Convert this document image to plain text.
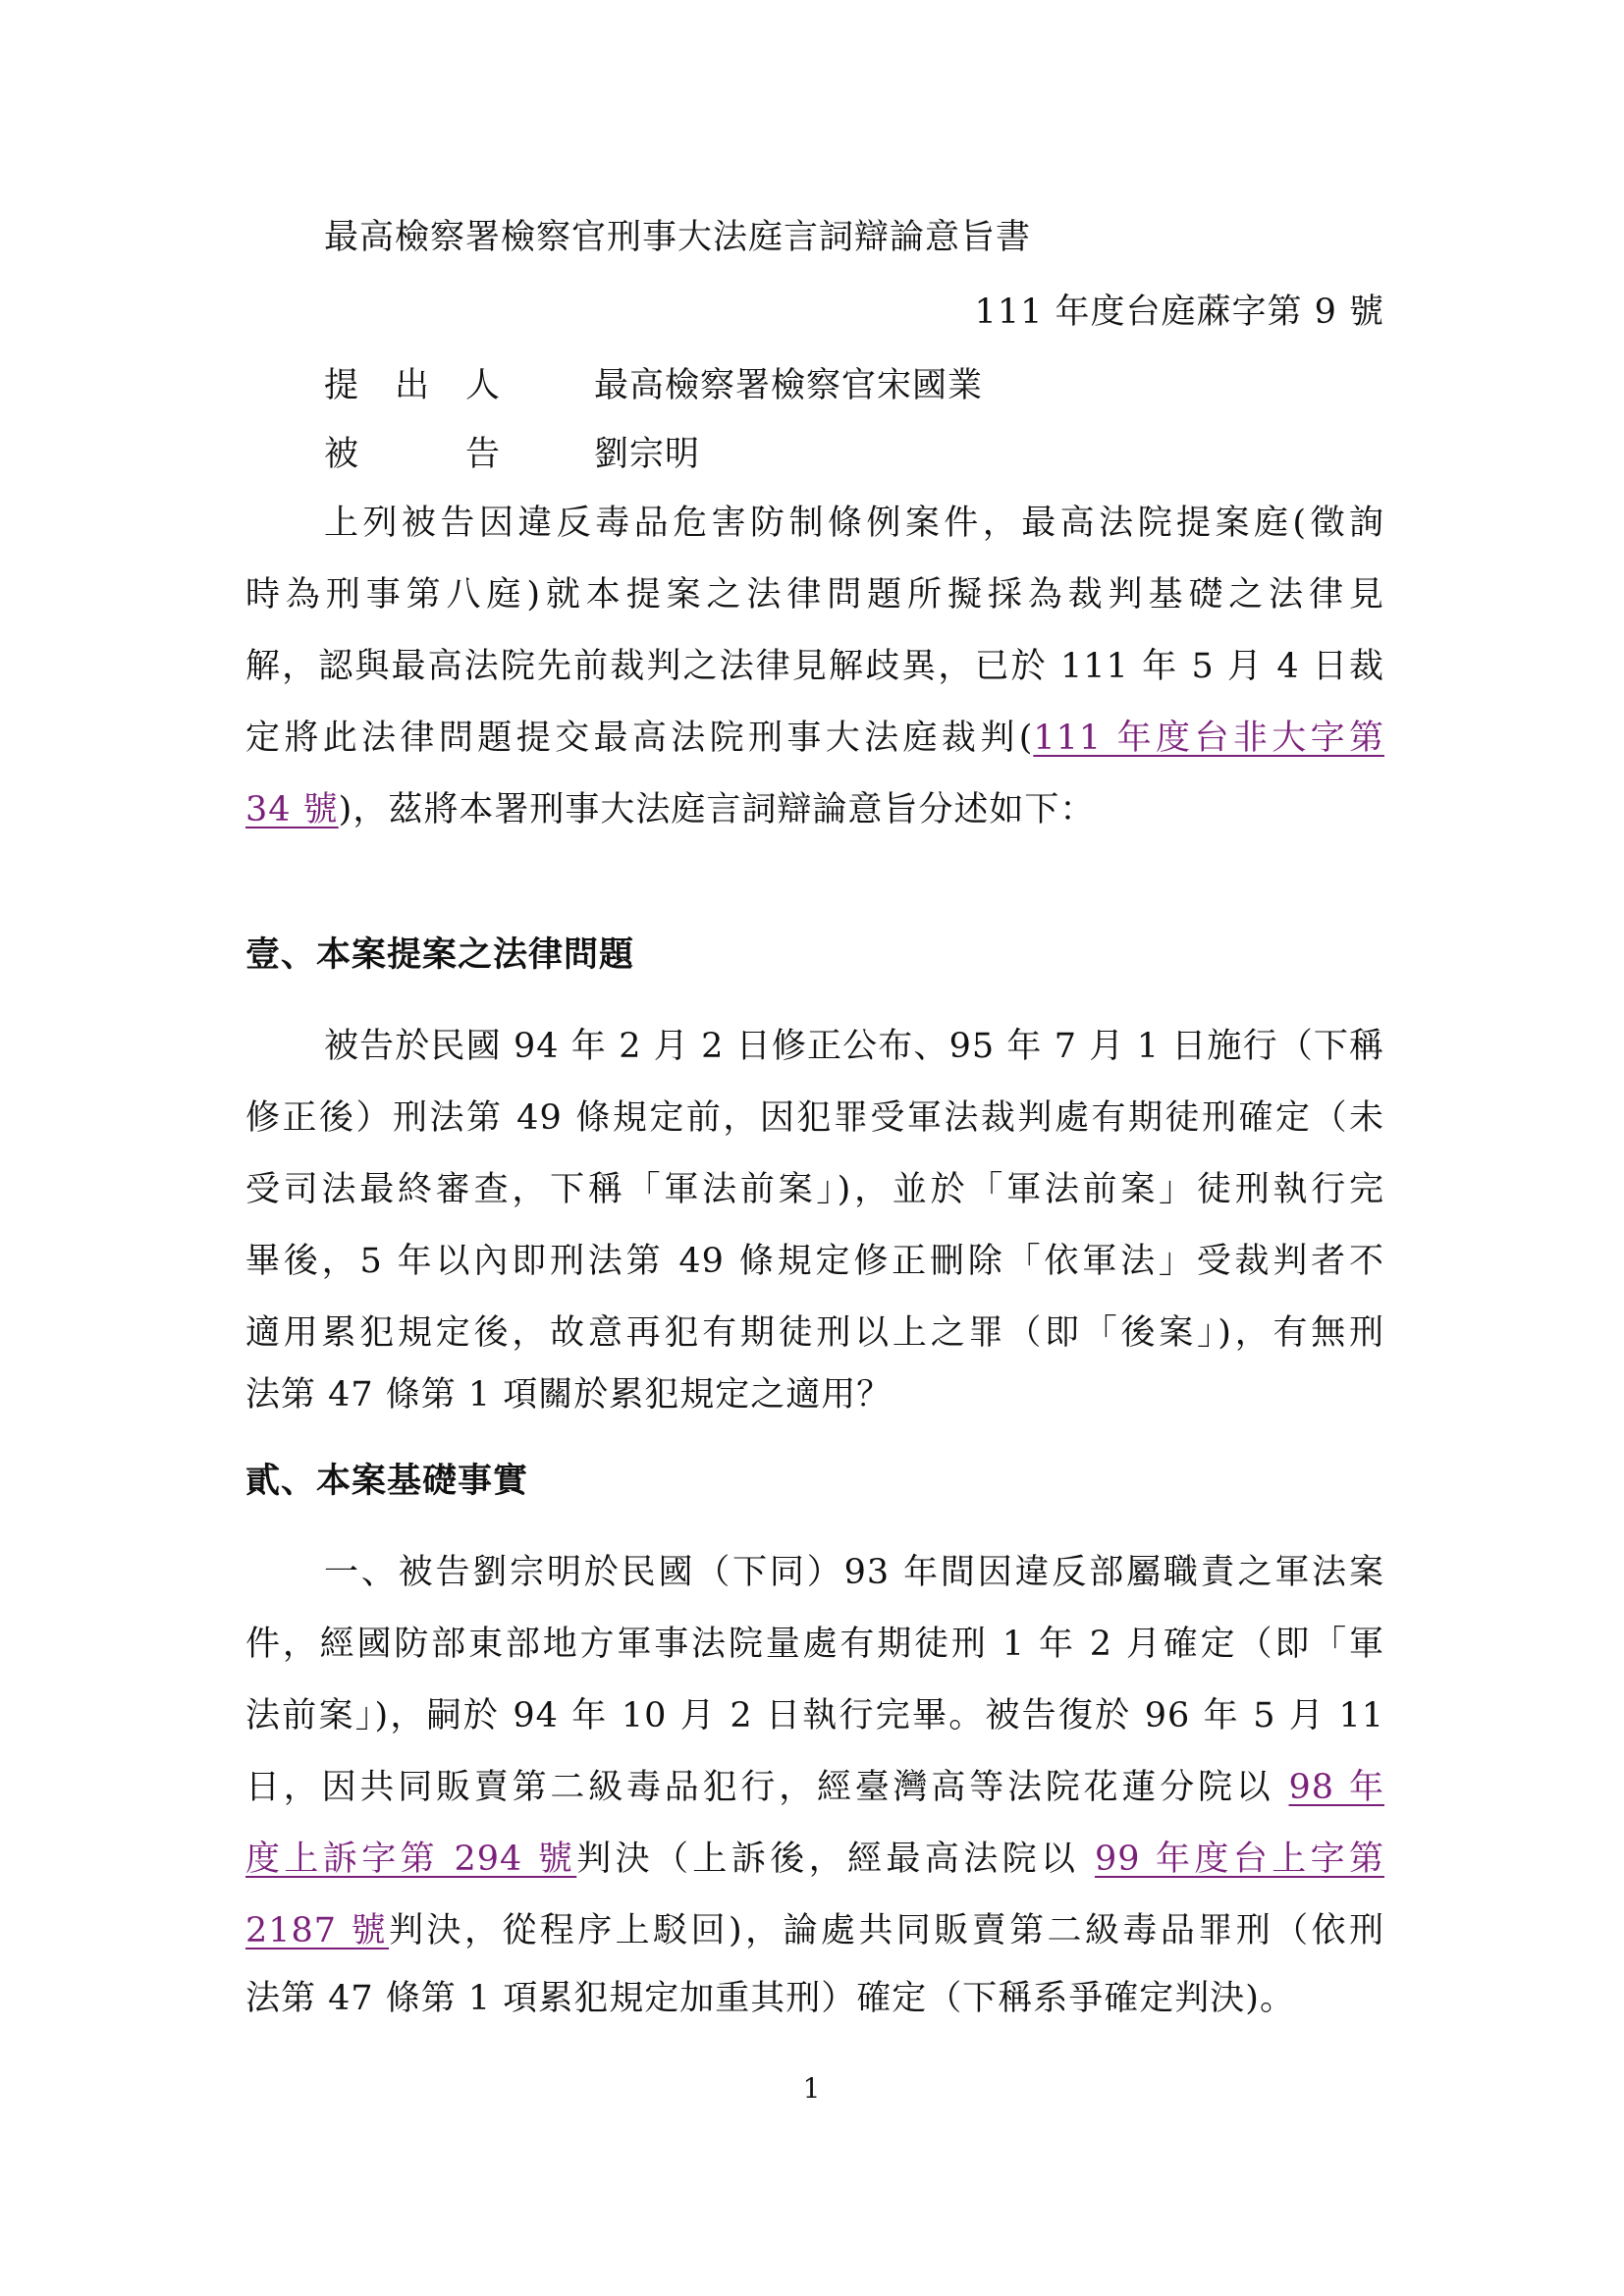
最高檢察署檢察官刑事大法庭言詞辯論意旨書
111 年度台庭蔴字第 9 號
提　出　人	最高檢察署檢察官宋國業
被　　　告	劉宗明
上列被告因違反毒品危害防制條例案件，最高法院提案庭(徵詢
時為刑事第八庭)就本提案之法律問題所擬採為裁判基礎之法律見
解，認與最高法院先前裁判之法律見解歧異，已於 111 年 5 月 4 日裁
定將此法律問題提交最高法院刑事大法庭裁判(111 年度台非大字第
34 號)，茲將本署刑事大法庭言詞辯論意旨分述如下：
壹、本案提案之法律問題
被告於民國 94 年 2 月 2 日修正公布、95 年 7 月 1 日施行（下稱
修正後）刑法第 49 條規定前，因犯罪受軍法裁判處有期徒刑確定（未
受司法最終審查，下稱「軍法前案」)，並於「軍法前案」徒刑執行完
畢後，5 年以內即刑法第 49 條規定修正刪除「依軍法」受裁判者不
適用累犯規定後，故意再犯有期徒刑以上之罪（即「後案」)，有無刑
法第 47 條第 1 項關於累犯規定之適用？
貳、本案基礎事實
一、被告劉宗明於民國（下同）93 年間因違反部屬職責之軍法案
件，經國防部東部地方軍事法院量處有期徒刑 1 年 2 月確定（即「軍
法前案」)，嗣於 94 年 10 月 2 日執行完畢。被告復於 96 年 5 月 11
日，因共同販賣第二級毒品犯行，經臺灣高等法院花蓮分院以 98 年
度上訴字第 294 號判決（上訴後，經最高法院以 99 年度台上字第
2187 號判決，從程序上駁回)，論處共同販賣第二級毒品罪刑（依刑
法第 47 條第 1 項累犯規定加重其刑）確定（下稱系爭確定判決)。
1
